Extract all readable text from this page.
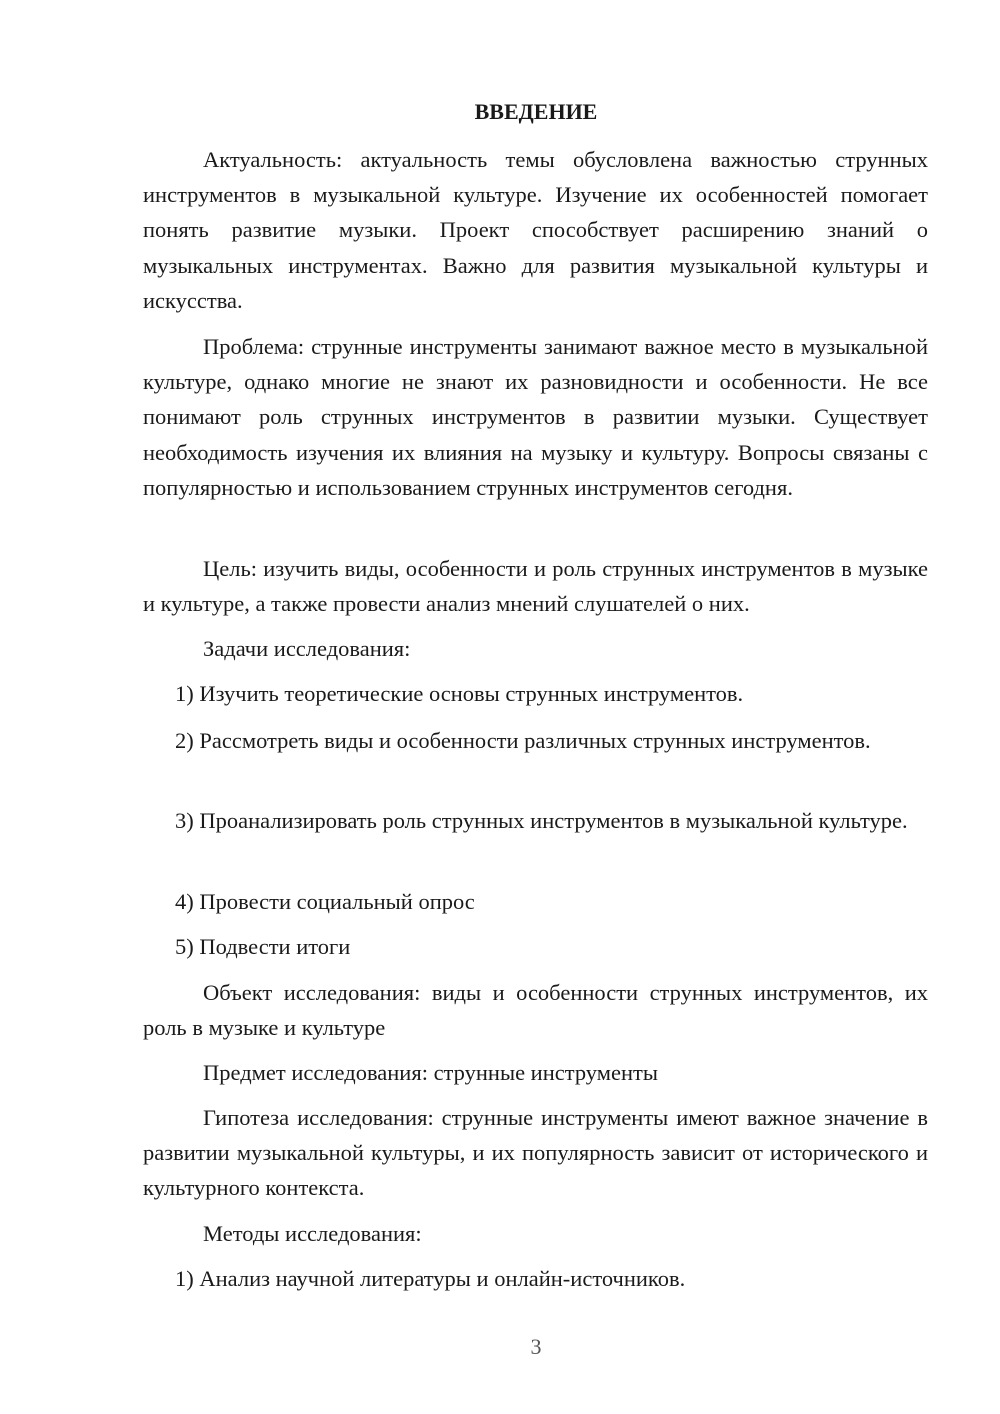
ВВЕДЕНИЕ

Актуальность: актуальность темы обусловлена важностью струнных инструментов в музыкальной культуре. Изучение их особенностей помогает понять развитие музыки. Проект способствует расширению знаний о музыкальных инструментах. Важно для развития музыкальной культуры и искусства.

Проблема: струнные инструменты занимают важное место в музыкальной культуре, однако многие не знают их разновидности и особенности. Не все понимают роль струнных инструментов в развитии музыки. Существует необходимость изучения их влияния на музыку и культуру. Вопросы связаны с популярностью и использованием струнных инструментов сегодня.

Цель: изучить виды, особенности и роль струнных инструментов в музыке и культуре, а также провести анализ мнений слушателей о них.

Задачи исследования:

1) Изучить теоретические основы струнных инструментов.

2) Рассмотреть виды и особенности различных струнных инструментов.

3) Проанализировать роль струнных инструментов в музыкальной культуре.

4) Провести социальный опрос

5) Подвести итоги

Объект исследования: виды и особенности струнных инструментов, их роль в музыке и культуре

Предмет исследования: струнные инструменты

Гипотеза исследования: струнные инструменты имеют важное значение в развитии музыкальной культуры, и их популярность зависит от исторического и культурного контекста.

Методы исследования:

1) Анализ научной литературы и онлайн-источников.

3
